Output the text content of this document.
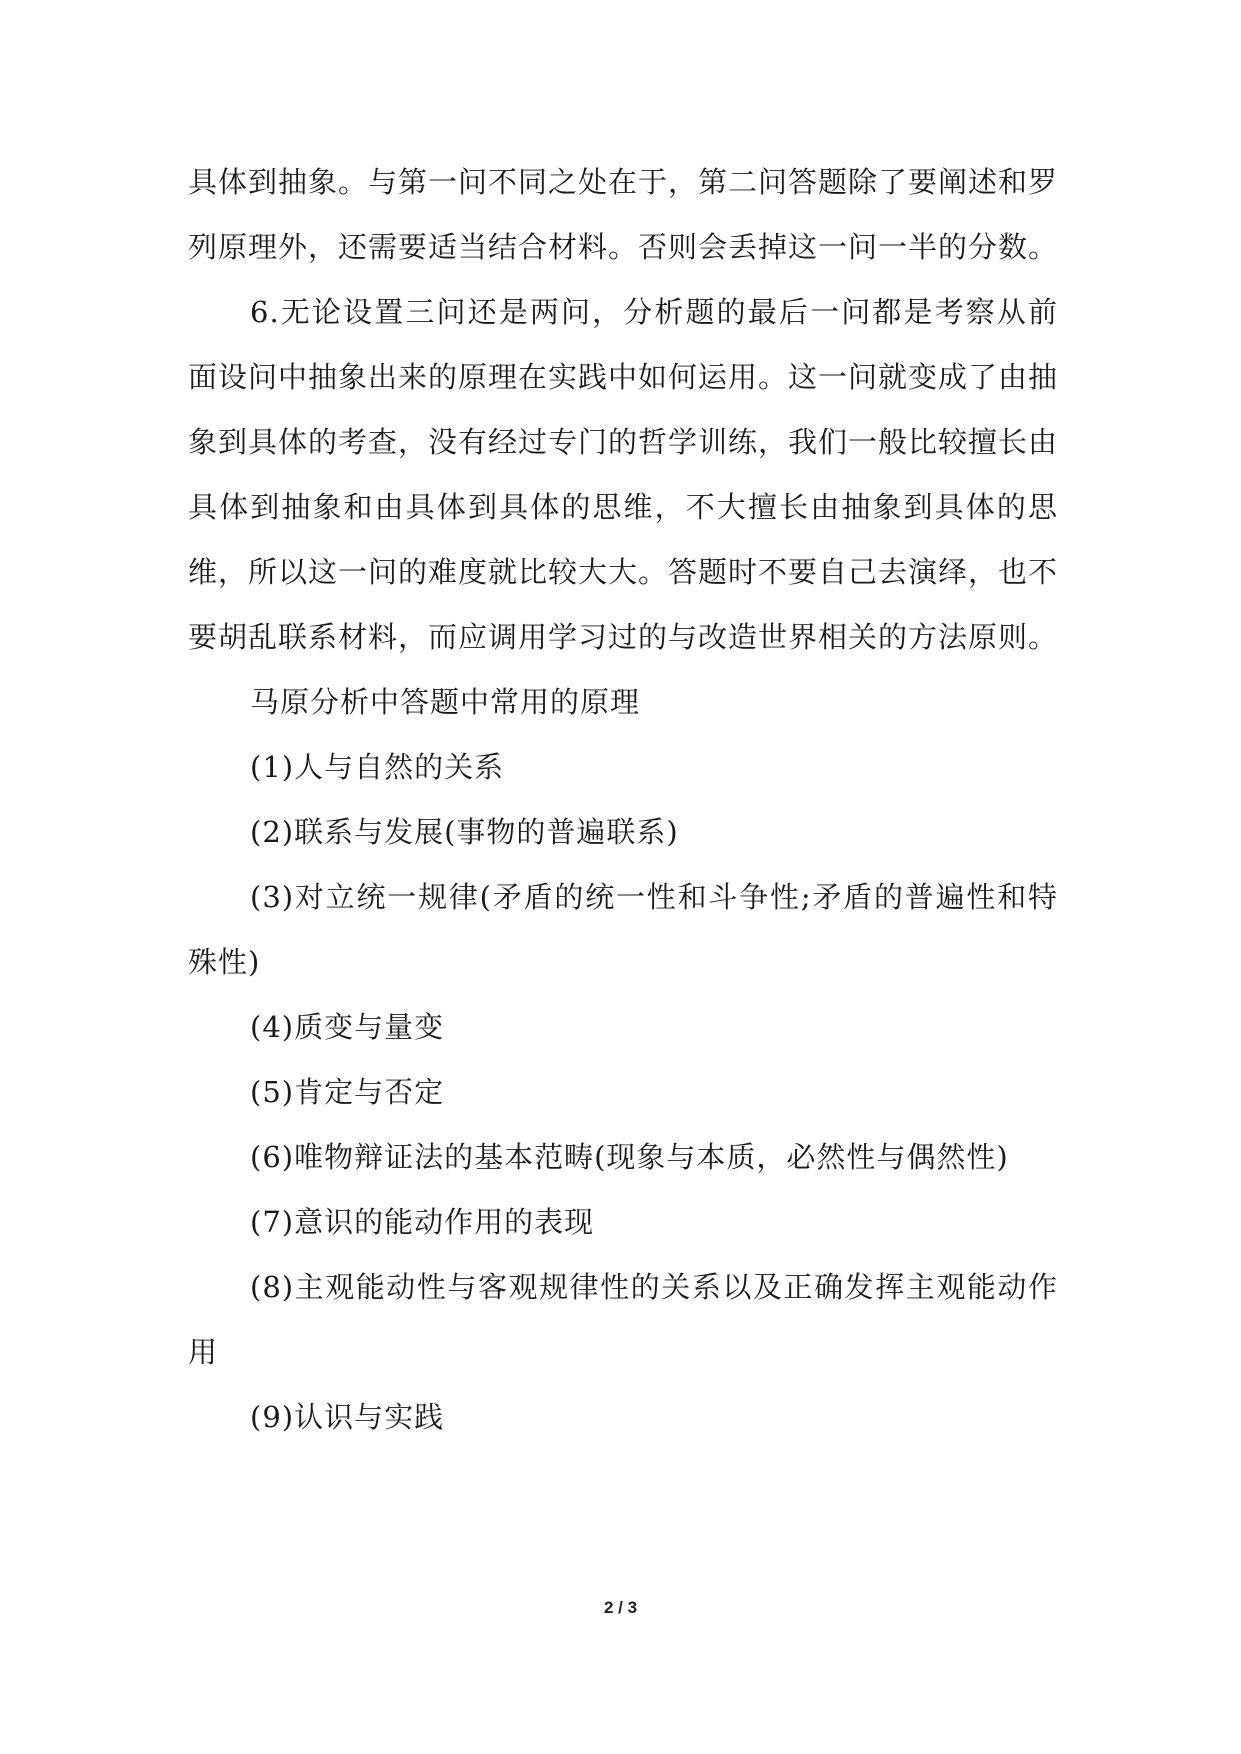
具体到抽象。与第一问不同之处在于，第二问答题除了要阐述和罗列原理外，还需要适当结合材料。否则会丢掉这一问一半的分数。

6.无论设置三问还是两问，分析题的最后一问都是考察从前面设问中抽象出来的原理在实践中如何运用。这一问就变成了由抽象到具体的考查，没有经过专门的哲学训练，我们一般比较擅长由具体到抽象和由具体到具体的思维，不大擅长由抽象到具体的思维，所以这一问的难度就比较大大。答题时不要自己去演绎，也不要胡乱联系材料，而应调用学习过的与改造世界相关的方法原则。

马原分析中答题中常用的原理

(1)人与自然的关系

(2)联系与发展(事物的普遍联系)

(3)对立统一规律(矛盾的统一性和斗争性;矛盾的普遍性和特殊性)

(4)质变与量变

(5)肯定与否定

(6)唯物辩证法的基本范畴(现象与本质，必然性与偶然性)

(7)意识的能动作用的表现

(8)主观能动性与客观规律性的关系以及正确发挥主观能动作用

(9)认识与实践

2 / 3
